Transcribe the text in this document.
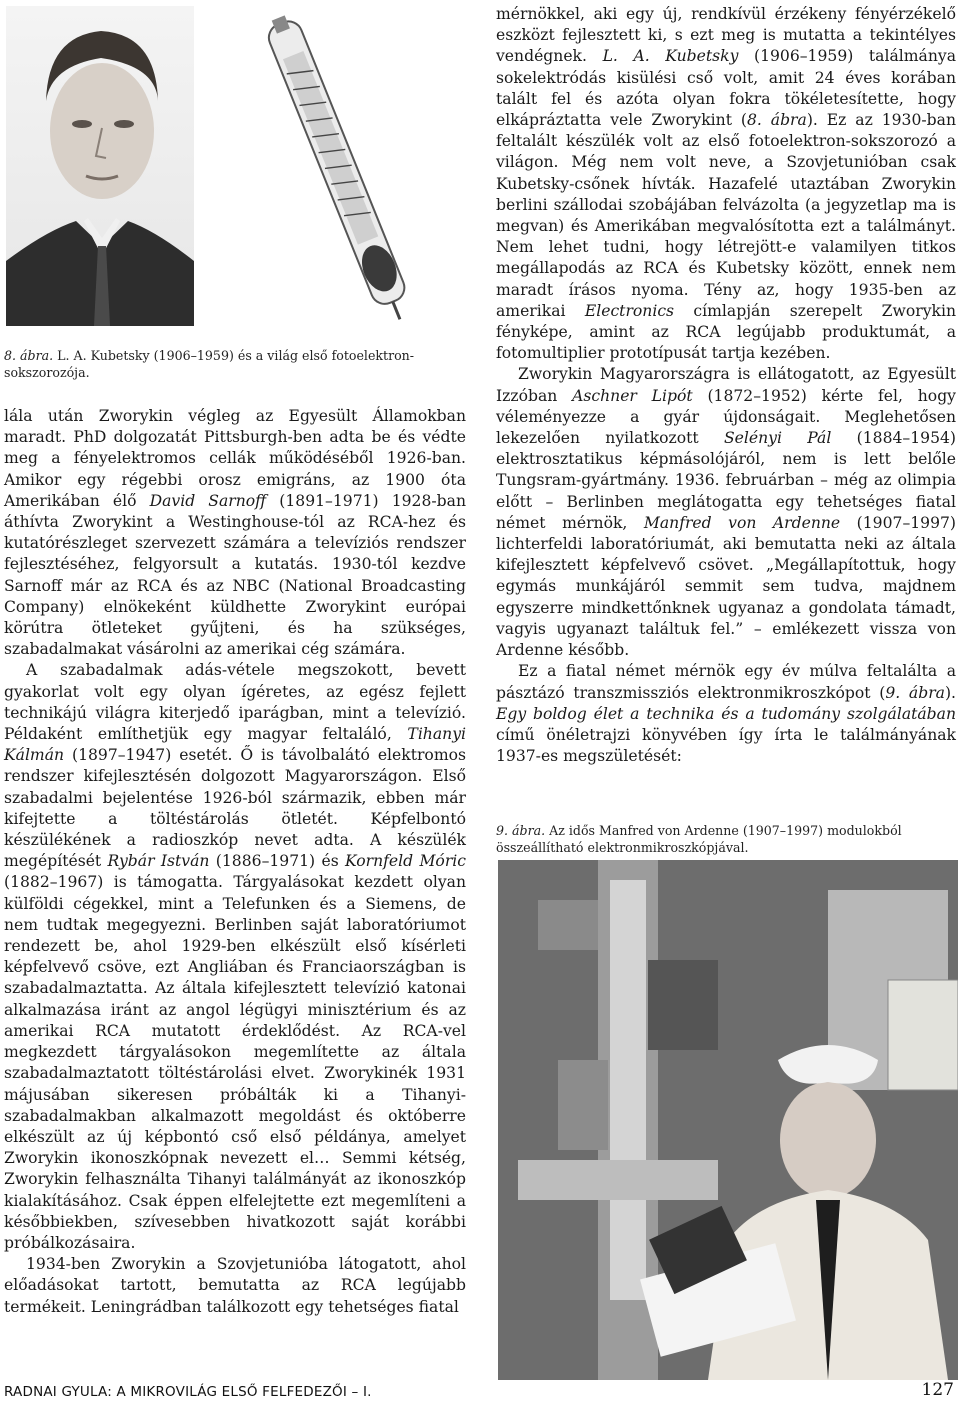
8. ábra. L. A. Kubetsky (1906–1959) és a világ első fotoelektron-sokszorozója.

lála után Zworykin végleg az Egyesült Államokban maradt. PhD dolgozatát Pittsburgh-ben adta be és védte meg a fényelektromos cellák működéséből 1926-ban. Amikor egy régebbi orosz emigráns, az 1900 óta Amerikában élő David Sarnoff (1891–1971) 1928-ban áthívta Zworykint a Westinghouse-tól az RCA-hez és kutatórészleget szervezett számára a televíziós rendszer fejlesztéséhez, felgyorsult a kutatás. 1930-tól kezdve Sarnoff már az RCA és az NBC (National Broadcasting Company) elnökeként küldhette Zworykint európai körútra ötleteket gyűjteni, és ha szükséges, szabadalmakat vásárolni az amerikai cég számára.

A szabadalmak adás-vétele megszokott, bevett gyakorlat volt egy olyan ígéretes, az egész fejlett technikájú világra kiterjedő iparágban, mint a televízió. Példaként említhetjük egy magyar feltaláló, Tihanyi Kálmán (1897–1947) esetét. Ő is távolbalátó elektromos rendszer kifejlesztésén dolgozott Magyarországon. Első szabadalmi bejelentése 1926-ból származik, ebben már kifejtette a töltéstárolás ötletét. Képfelbontó készülékének a radioszkóp nevet adta. A készülék megépítését Rybár István (1886–1971) és Kornfeld Móric (1882–1967) is támogatta. Tárgyalásokat kezdett olyan külföldi cégekkel, mint a Telefunken és a Siemens, de nem tudtak megegyezni. Berlinben saját laboratóriumot rendezett be, ahol 1929-ben elkészült első kísérleti képfelvevő csöve, ezt Angliában és Franciaországban is szabadalmaztatta. Az általa kifejlesztett televízió katonai alkalmazása iránt az angol légügyi minisztérium és az amerikai RCA mutatott érdeklődést. Az RCA-vel megkezdett tárgyalásokon megemlítette az általa szabadalmaztatott töltéstárolási elvet. Zworykinék 1931 májusában sikeresen próbálták ki a Tihanyi-szabadalmakban alkalmazott megoldást és októberre elkészült az új képbontó cső első példánya, amelyet Zworykin ikonoszkópnak nevezett el… Semmi kétség, Zworykin felhasználta Tihanyi találmányát az ikonoszkóp kialakításához. Csak éppen elfelejtette ezt megemlíteni a későbbiekben, szívesebben hivatkozott saját korábbi próbálkozásaira.

1934-ben Zworykin a Szovjetunióba látogatott, ahol előadásokat tartott, bemutatta az RCA legújabb termékeit. Leningrádban találkozott egy tehetséges fiatal

mérnökkel, aki egy új, rendkívül érzékeny fényérzékelő eszközt fejlesztett ki, s ezt meg is mutatta a tekintélyes vendégnek. L. A. Kubetsky (1906–1959) találmánya sokelektródás kisülési cső volt, amit 24 éves korában talált fel és azóta olyan fokra tökéletesítette, hogy elkápráztatta vele Zworykint (8. ábra). Ez az 1930-ban feltalált készülék volt az első fotoelektron-sokszorozó a világon. Még nem volt neve, a Szovjetunióban csak Kubetsky-csőnek hívták. Hazafelé utaztában Zworykin berlini szállodai szobájában felvázolta (a jegyzetlap ma is megvan) és Amerikában megvalósította ezt a találmányt. Nem lehet tudni, hogy létrejött-e valamilyen titkos megállapodás az RCA és Kubetsky között, ennek nem maradt írásos nyoma. Tény az, hogy 1935-ben az amerikai Electronics címlapján szerepelt Zworykin fényképe, amint az RCA legújabb produktumát, a fotomultiplier prototípusát tartja kezében.

Zworykin Magyarországra is ellátogatott, az Egyesült Izzóban Aschner Lipót (1872–1952) kérte fel, hogy véleményezze a gyár újdonságait. Meglehetősen lekezelően nyilatkozott Selényi Pál (1884–1954) elektrosztatikus képmásolójáról, nem is lett belőle Tungsram-gyártmány. 1936. februárban – még az olimpia előtt – Berlinben meglátogatta egy tehetséges fiatal német mérnök, Manfred von Ardenne (1907–1997) lichterfeldi laboratóriumát, aki bemutatta neki az általa kifejlesztett képfelvevő csövet. „Megállapítottuk, hogy egymás munkájáról semmit sem tudva, majdnem egyszerre mindkettőnknek ugyanaz a gondolata támadt, vagyis ugyanazt találtuk fel.” – emlékezett vissza von Ardenne később.

Ez a fiatal német mérnök egy év múlva feltalálta a pásztázó transzmissziós elektronmikroszkópot (9. ábra). Egy boldog élet a technika és a tudomány szolgálatában című önéletrajzi könyvében így írta le találmányának 1937-es megszületését:

9. ábra. Az idős Manfred von Ardenne (1907–1997) modulokból összeállítható elektronmikroszkópjával.
RADNAI GYULA: A MIKROVILÁG ELSŐ FELFEDEZŐI – I.	127
